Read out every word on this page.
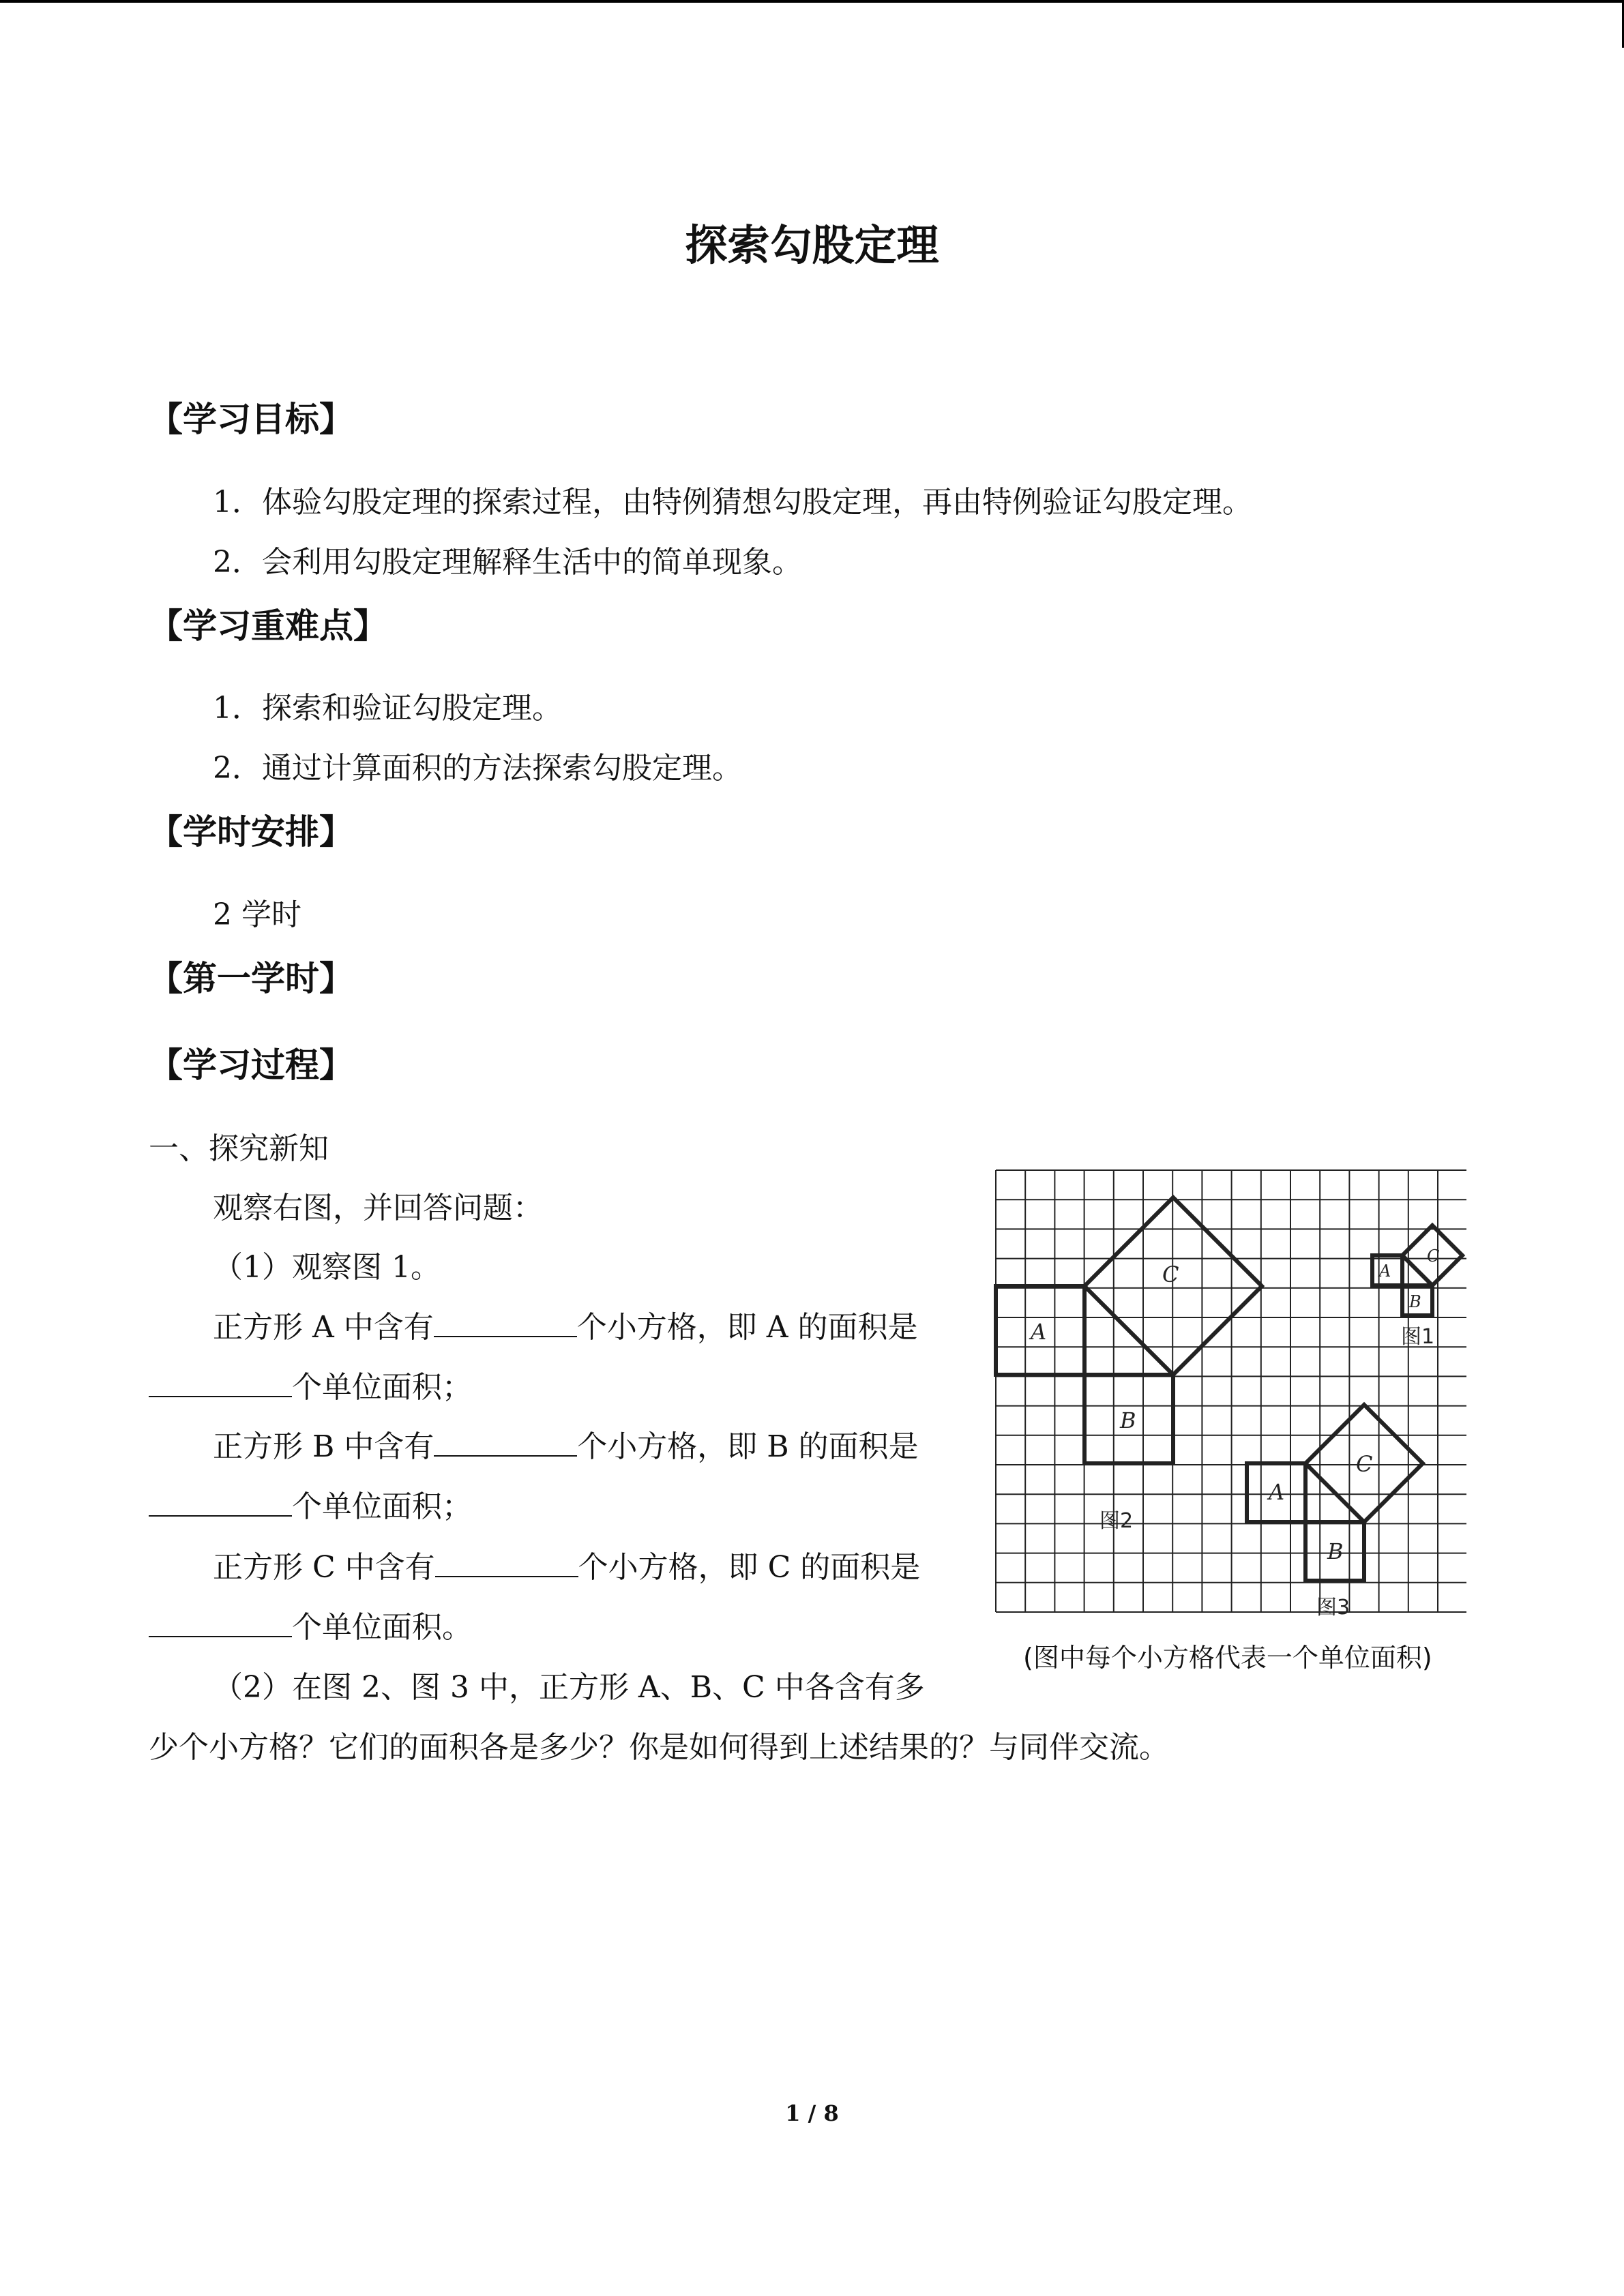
探索勾股定理
【学习目标】
1．体验勾股定理的探索过程，由特例猜想勾股定理，再由特例验证勾股定理。
2．会利用勾股定理解释生活中的简单现象。
【学习重难点】
1．探索和验证勾股定理。
2．通过计算面积的方法探索勾股定理。
【学时安排】
2 学时
【第一学时】
【学习过程】
一、探究新知
观察右图，并回答问题：
（1）观察图 1。
正方形 A 中含有	个小方格，即 A 的面积是
个单位面积；
正方形 B 中含有	个小方格，即 B 的面积是
个单位面积；
正方形 C 中含有	个小方格，即 C 的面积是
个单位面积。
（2）在图 2、图 3 中，正方形 A、B、C 中各含有多
少个小方格？它们的面积各是多少？你是如何得到上述结果的？与同伴交流。
A
B
C	A
B
C
A
B
C
图1
图2
图3
(图中每个小方格代表一个单位面积)
1 / 8
